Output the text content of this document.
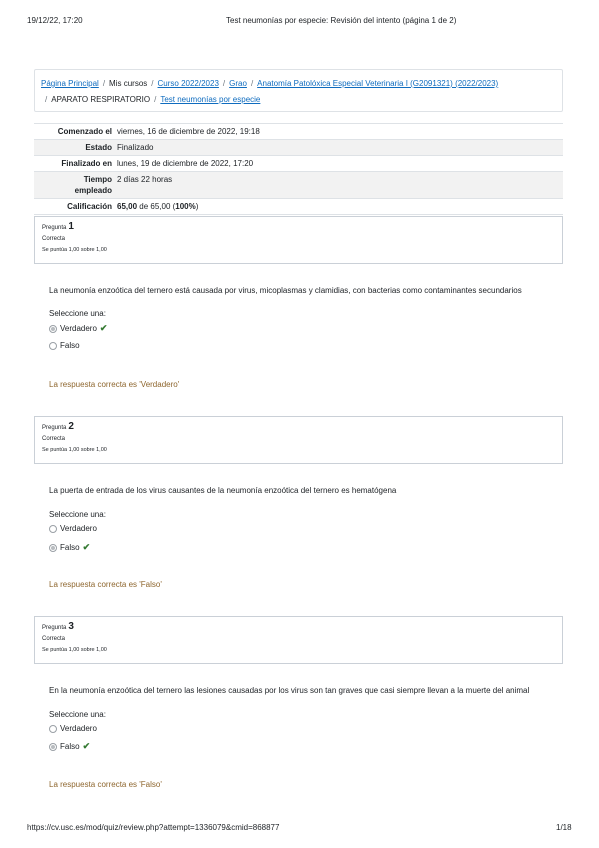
19/12/22, 17:20	Test neumonías por especie: Revisión del intento (página 1 de 2)
Página Principal / Mis cursos / Curso 2022/2023 / Grao / Anatomía Patolóxica Especial Veterinaria I (G2091321) (2022/2023)
/ APARATO RESPIRATORIO / Test neumonías por especie
Comenzado el viernes, 16 de diciembre de 2022, 19:18
Estado Finalizado
Finalizado en lunes, 19 de diciembre de 2022, 17:20
Tiempo
empleado
2 días 22 horas
Calificación 65,00 de 65,00 (100%)
Pregunta 1
Correcta
Se puntúa 1,00 sobre 1,00
La neumonía enzoótica del ternero está causada por virus, micoplasmas y clamidias, con bacterias como contaminantes secundarios
Seleccione una:
Verdadero ✔
Falso
La respuesta correcta es 'Verdadero'
Pregunta 2
Correcta
Se puntúa 1,00 sobre 1,00
La puerta de entrada de los virus causantes de la neumonía enzoótica del ternero es hematógena
Seleccione una:
Verdadero
Falso ✔
La respuesta correcta es 'Falso'
Pregunta 3
Correcta
Se puntúa 1,00 sobre 1,00
En la neumonía enzoótica del ternero las lesiones causadas por los virus son tan graves que casi siempre llevan a la muerte del animal
Seleccione una:
Verdadero
Falso ✔
La respuesta correcta es 'Falso'
https://cv.usc.es/mod/quiz/review.php?attempt=1336079&cmid=868877	1/18
